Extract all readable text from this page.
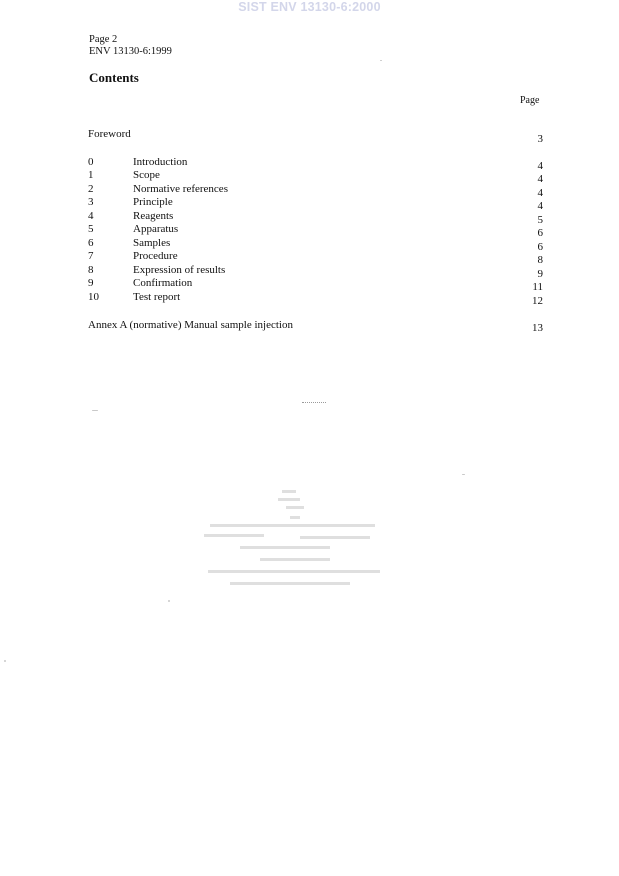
SIST ENV 13130-6:2000
Page 2
ENV 13130-6:1999
Contents
Page
Foreword	3
0	Introduction	4
1	Scope	4
2	Normative references	4
3	Principle	4
4	Reagents	5
5	Apparatus	6
6	Samples	6
7	Procedure	8
8	Expression of results	9
9	Confirmation	11
10	Test report	12
Annex A (normative) Manual sample injection	13
